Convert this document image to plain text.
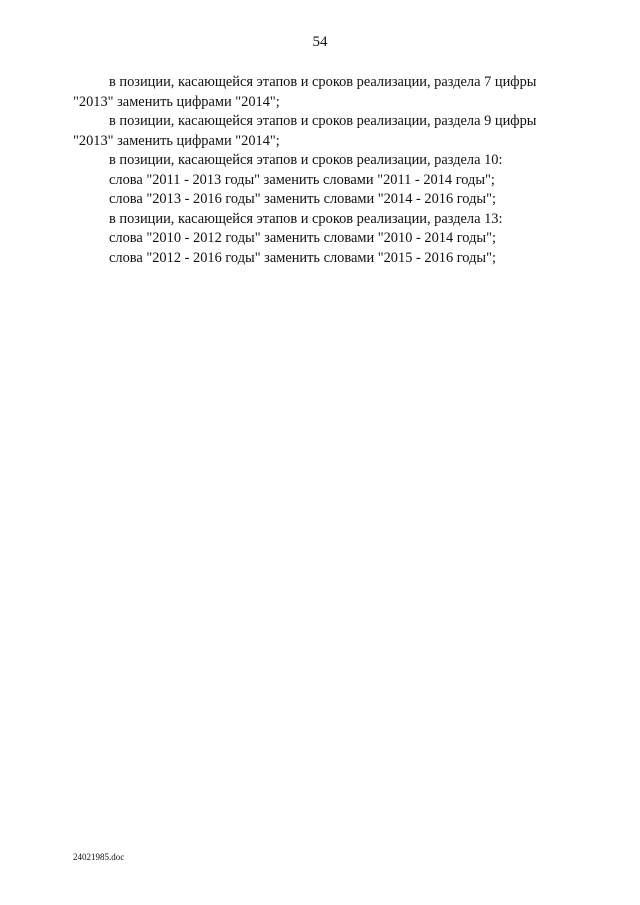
54

в позиции, касающейся этапов и сроков реализации, раздела 7 цифры

"2013" заменить цифрами "2014";

в позиции, касающейся этапов и сроков реализации, раздела 9 цифры

"2013" заменить цифрами "2014";

в позиции, касающейся этапов и сроков реализации, раздела 10:

слова "2011 - 2013 годы" заменить словами "2011 - 2014 годы";

слова "2013 - 2016 годы" заменить словами "2014 - 2016 годы";

в позиции, касающейся этапов и сроков реализации, раздела 13:

слова "2010 - 2012 годы" заменить словами "2010 - 2014 годы";

слова "2012 - 2016 годы" заменить словами "2015 - 2016 годы";

24021985.doc
